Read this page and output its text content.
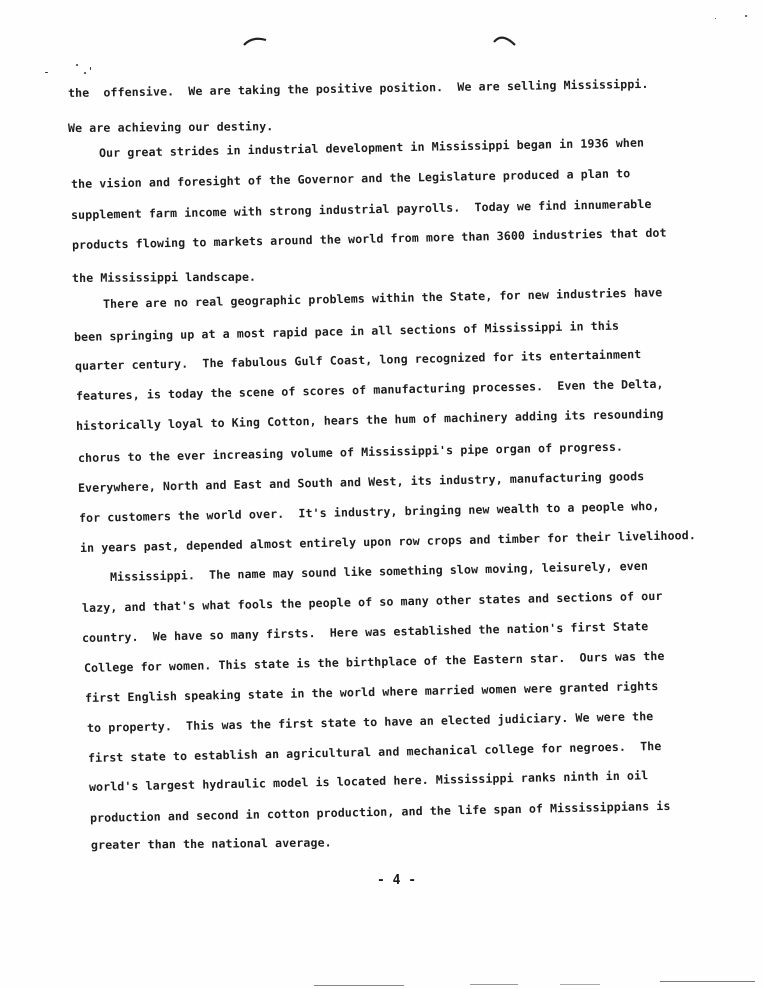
the  offensive.  We are taking the positive position.  We are selling Mississippi.
We are achieving our destiny.
Our great strides in industrial development in Mississippi began in 1936 when
the vision and foresight of the Governor and the Legislature produced a plan to
supplement farm income with strong industrial payrolls.  Today we find innumerable
products flowing to markets around the world from more than 3600 industries that dot
the Mississippi landscape.
There are no real geographic problems within the State, for new industries have
been springing up at a most rapid pace in all sections of Mississippi in this
quarter century.  The fabulous Gulf Coast, long recognized for its entertainment
features, is today the scene of scores of manufacturing processes.  Even the Delta,
historically loyal to King Cotton, hears the hum of machinery adding its resounding
chorus to the ever increasing volume of Mississippi's pipe organ of progress.
Everywhere, North and East and South and West, its industry, manufacturing goods
for customers the world over.  It's industry, bringing new wealth to a people who,
in years past, depended almost entirely upon row crops and timber for their livelihood.
Mississippi.  The name may sound like something slow moving, leisurely, even
lazy, and that's what fools the people of so many other states and sections of our
country.  We have so many firsts.  Here was established the nation's first State
College for women. This state is the birthplace of the Eastern star.  Ours was the
first English speaking state in the world where married women were granted rights
to property.  This was the first state to have an elected judiciary. We were the
first state to establish an agricultural and mechanical college for negroes.  The
world's largest hydraulic model is located here. Mississippi ranks ninth in oil
production and second in cotton production, and the life span of Mississippians is
greater than the national average.
- 4 -
